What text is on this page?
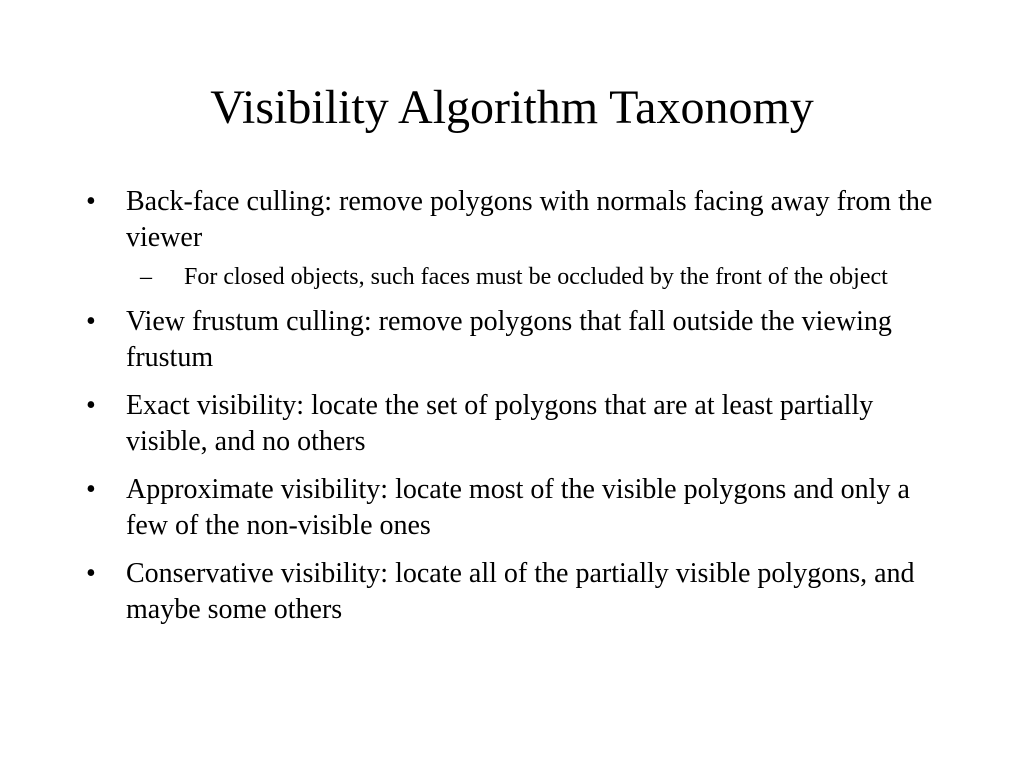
Visibility Algorithm Taxonomy
• Back-face culling: remove polygons with normals facing away from the viewer
– For closed objects, such faces must be occluded by the front of the object
• View frustum culling: remove polygons that fall outside the viewing frustum
• Exact visibility: locate the set of polygons that are at least partially visible, and no others
• Approximate visibility: locate most of the visible polygons and only a few of the non-visible ones
• Conservative visibility: locate all of the partially visible polygons, and maybe some others
